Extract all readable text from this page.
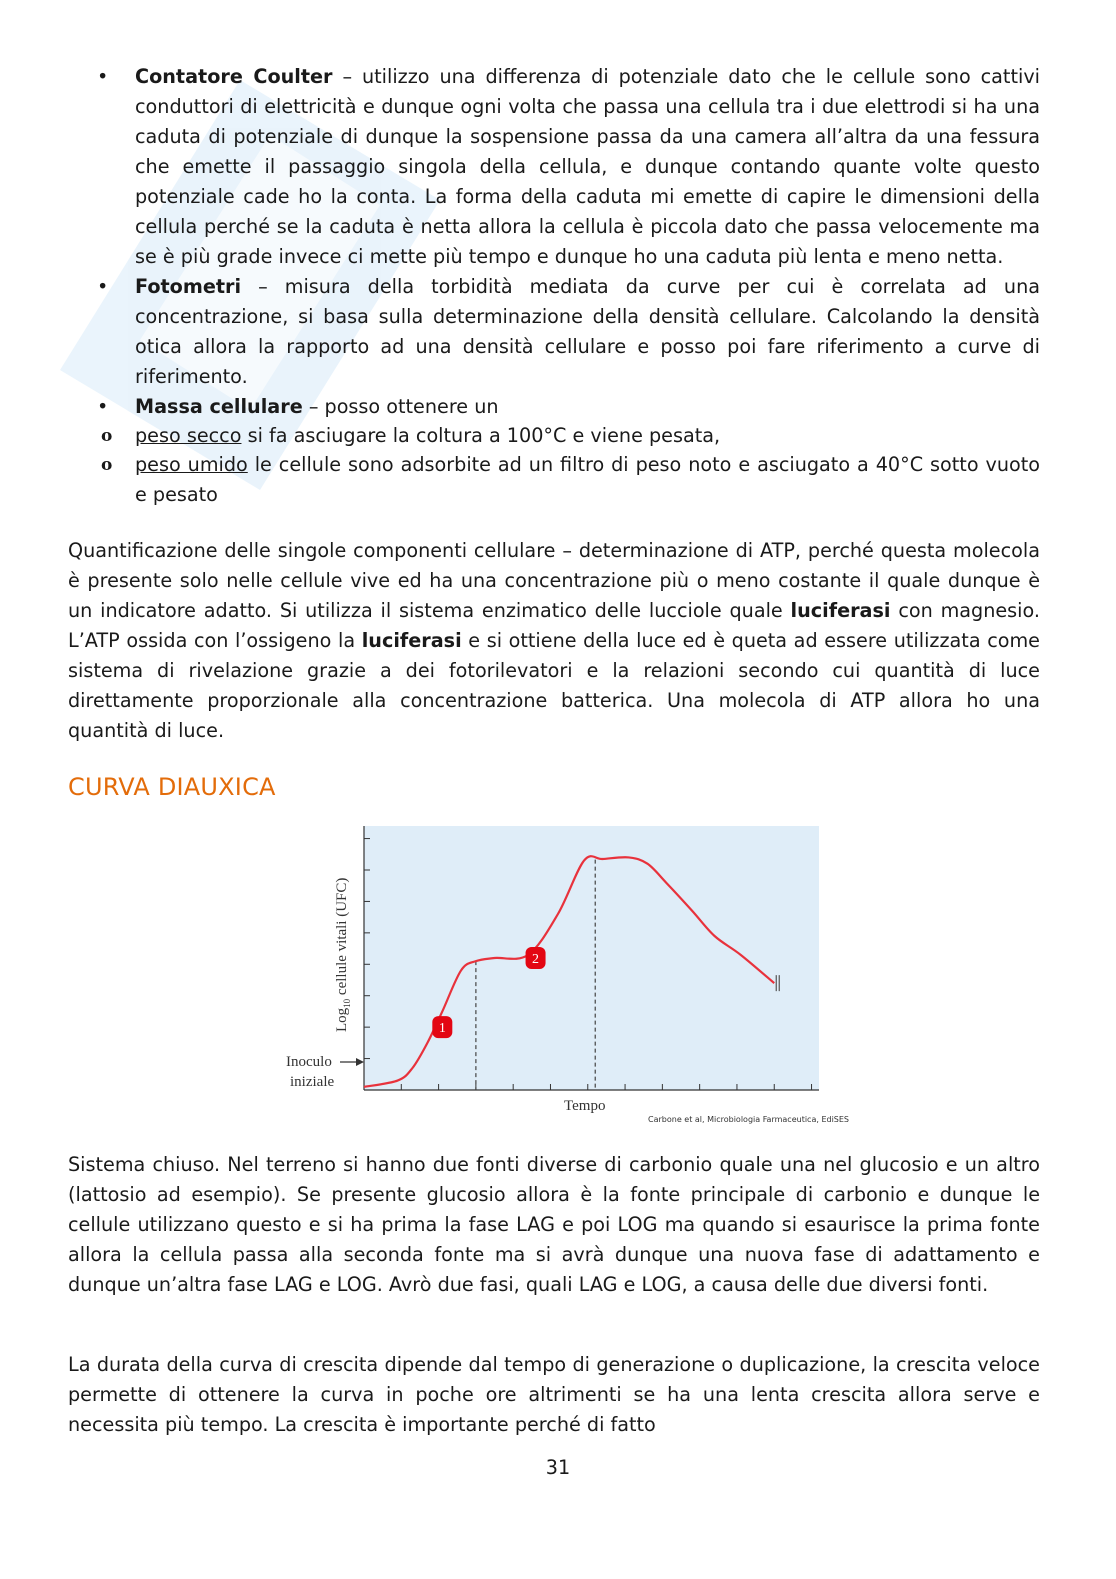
• Contatore Coulter – utilizzo una differenza di potenziale dato che le cellule sono cattivi conduttori di elettricità e dunque ogni volta che passa una cellula tra i due elettrodi si ha una caduta di potenziale di dunque la sospensione passa da una camera all’altra da una fessura che emette il passaggio singola della cellula, e dunque contando quante volte questo potenziale cade ho la conta. La forma della caduta mi emette di capire le dimensioni della cellula perché se la caduta è netta allora la cellula è piccola dato che passa velocemente ma se è più grade invece ci mette più tempo e dunque ho una caduta più lenta e meno netta.
• Fotometri – misura della torbidità mediata da curve per cui è correlata ad una concentrazione, si basa sulla determinazione della densità cellulare. Calcolando la densità otica allora la rapporto ad una densità cellulare e posso poi fare riferimento a curve di riferimento.
• Massa cellulare – posso ottenere un
o peso secco si fa asciugare la coltura a 100°C e viene pesata,
o peso umido le cellule sono adsorbite ad un filtro di peso noto e asciugato a 40°C sotto vuoto e pesato

Quantificazione delle singole componenti cellulare – determinazione di ATP, perché questa molecola è presente solo nelle cellule vive ed ha una concentrazione più o meno costante il quale dunque è un indicatore adatto. Si utilizza il sistema enzimatico delle lucciole quale luciferasi con magnesio. L’ATP ossida con l’ossigeno la luciferasi e si ottiene della luce ed è queta ad essere utilizzata come sistema di rivelazione grazie a dei fotorilevatori e la relazioni secondo cui quantità di luce direttamente proporzionale alla concentrazione batterica. Una molecola di ATP allora ho una quantità di luce.

CURVA DIAUXICA
1
2
Log$_{10}$ cellule vitali (UFC)
Inoculo
iniziale
Tempo
Carbone et al, Microbiologia Farmaceutica, EdiSES

Sistema chiuso. Nel terreno si hanno due fonti diverse di carbonio quale una nel glucosio e un altro (lattosio ad esempio). Se presente glucosio allora è la fonte principale di carbonio e dunque le cellule utilizzano questo e si ha prima la fase LAG e poi LOG ma quando si esaurisce la prima fonte allora la cellula passa alla seconda fonte ma si avrà dunque una nuova fase di adattamento e dunque un’altra fase LAG e LOG. Avrò due fasi, quali LAG e LOG, a causa delle due diversi fonti.

La durata della curva di crescita dipende dal tempo di generazione o duplicazione, la crescita veloce permette di ottenere la curva in poche ore altrimenti se ha una lenta crescita allora serve e necessita più tempo. La crescita è importante perché di fatto

31
